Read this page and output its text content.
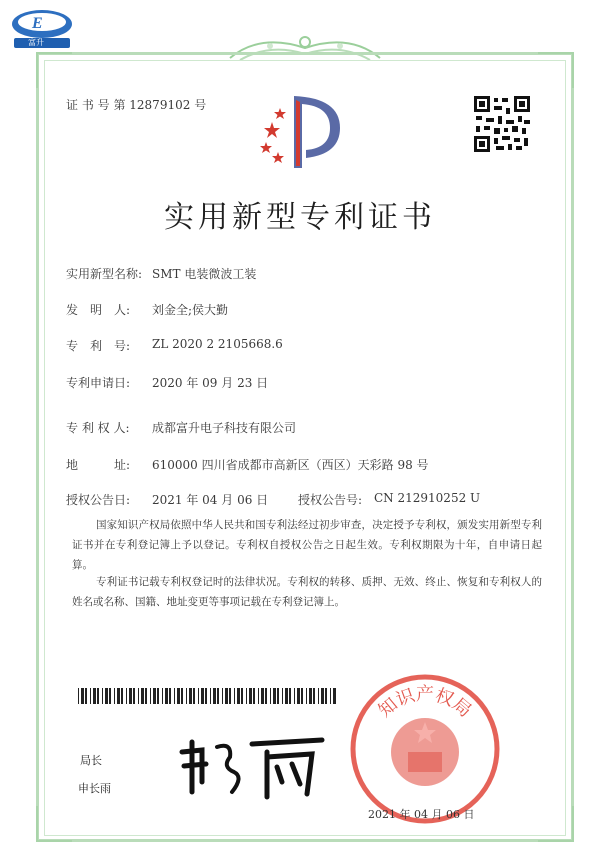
E
富升
证 书 号 第 12879102 号
实用新型专利证书
实用新型名称: SMT 电装微波工装
发　明　人: 刘金全;侯大勤
专　利　号: ZL 2020 2 2105668.6
专利申请日: 2020 年 09 月 23 日
专 利 权 人: 成都富升电子科技有限公司
地　　　址: 610000 四川省成都市高新区（西区）天彩路 98 号
授权公告日: 2021 年 04 月 06 日 授权公告号: CN 212910252 U
国家知识产权局依照中华人民共和国专利法经过初步审查，决定授予专利权，颁发实用新型专利证书并在专利登记簿上予以登记。专利权自授权公告之日起生效。专利权期限为十年，自申请日起算。
专利证书记载专利权登记时的法律状况。专利权的转移、质押、无效、终止、恢复和专利权人的姓名或名称、国籍、地址变更等事项记载在专利登记簿上。
局长
申长雨
知识产权局
2021 年 04 月 06 日
